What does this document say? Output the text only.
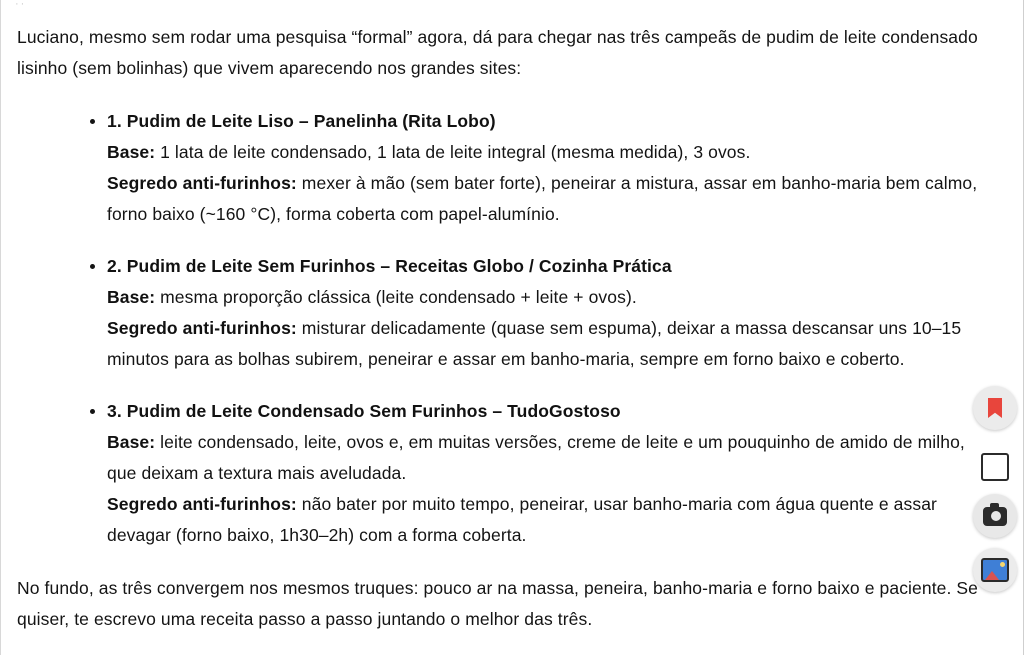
··

Luciano, mesmo sem rodar uma pesquisa “formal” agora, dá para chegar nas três campeãs de pudim de leite condensado lisinho (sem bolinhas) que vivem aparecendo nos grandes sites:

• 1. Pudim de Leite Liso – Panelinha (Rita Lobo)
Base: 1 lata de leite condensado, 1 lata de leite integral (mesma medida), 3 ovos.
Segredo anti-furinhos: mexer à mão (sem bater forte), peneirar a mistura, assar em banho-maria bem calmo, forno baixo (~160 °C), forma coberta com papel-alumínio.
• 2. Pudim de Leite Sem Furinhos – Receitas Globo / Cozinha Prática
Base: mesma proporção clássica (leite condensado + leite + ovos).
Segredo anti-furinhos: misturar delicadamente (quase sem espuma), deixar a massa descansar uns 10–15 minutos para as bolhas subirem, peneirar e assar em banho-maria, sempre em forno baixo e coberto.
• 3. Pudim de Leite Condensado Sem Furinhos – TudoGostoso
Base: leite condensado, leite, ovos e, em muitas versões, creme de leite e um pouquinho de amido de milho, que deixam a textura mais aveludada.
Segredo anti-furinhos: não bater por muito tempo, peneirar, usar banho-maria com água quente e assar devagar (forno baixo, 1h30–2h) com a forma coberta.

No fundo, as três convergem nos mesmos truques: pouco ar na massa, peneira, banho-maria e forno baixo e paciente. Se quiser, te escrevo uma receita passo a passo juntando o melhor das três.
